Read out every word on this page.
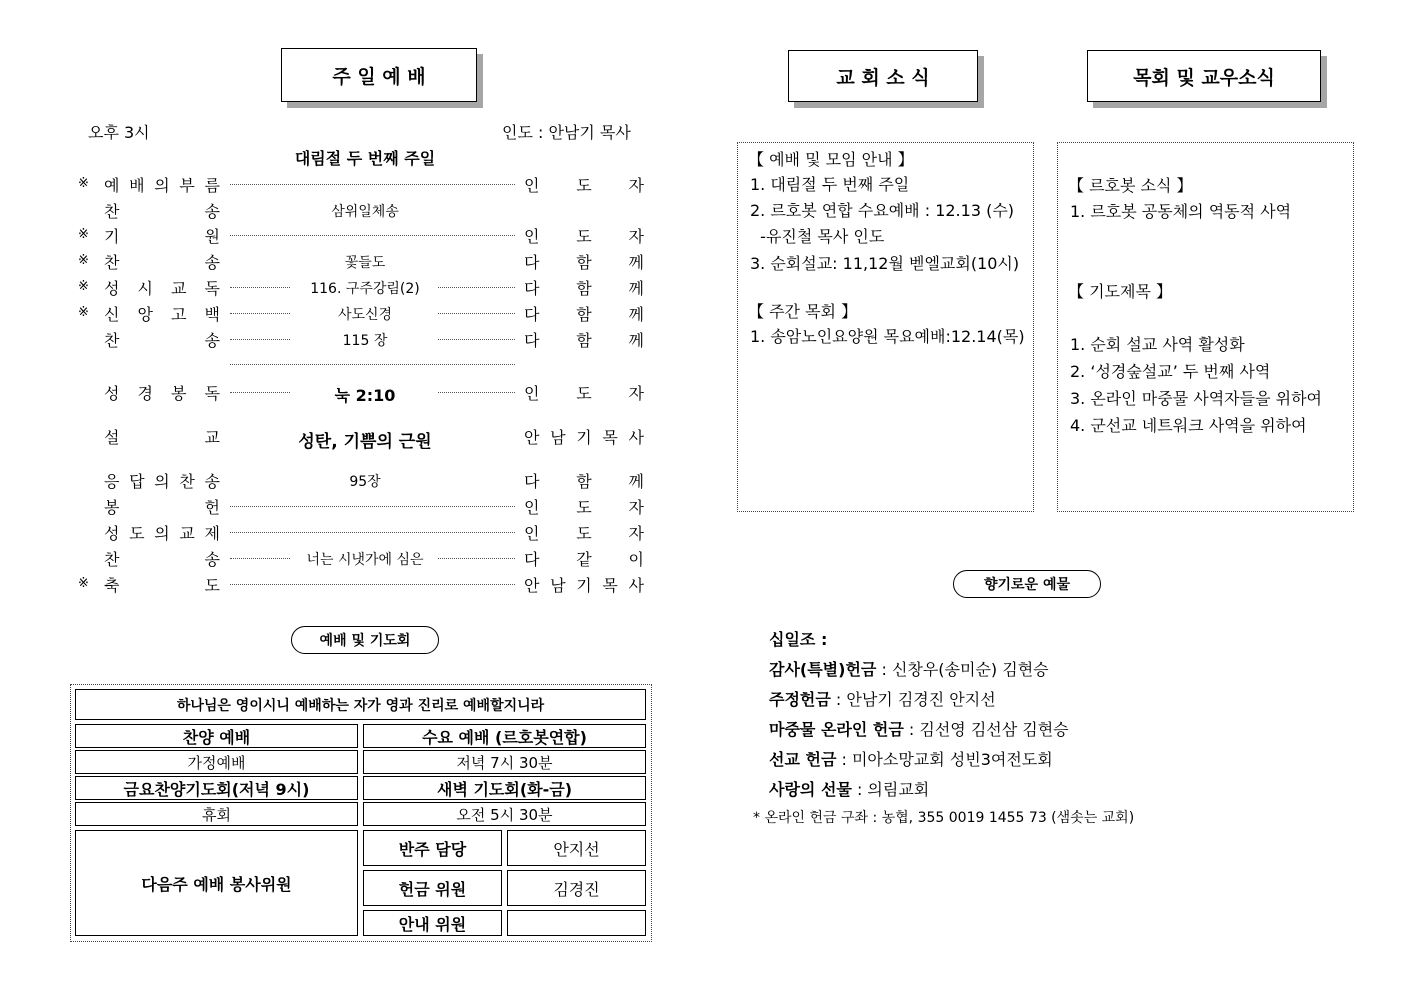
주 일 예 배
오후 3시	인도 : 안남기 목사
대림절 두 번째 주일
※ 예 배 의 부 름	인 도 자
찬	송	삼위일체송
※ 기	원	인 도 자
※ 찬	송	꽃들도	다 함 께
※ 성 시 교 독	116. 구주강림(2)	다 함 께
※ 신 앙 고 백	사도신경	다 함 께
찬	송	115 장	다 함 께
성 경 봉 독	눅 2:10	인 도 자
설	교	성탄, 기쁨의 근원	안 남 기 목 사
응 답 의 찬 송	95장	다 함 께
봉	헌	인 도 자
성 도 의 교 제	인 도 자
찬	송	너는 시냇가에 심은	다 같 이
※ 축	도	안 남 기 목 사
예배 및 기도회
하나님은 영이시니 예배하는 자가 영과 진리로 예배할지니라
찬양 예배	수요 예배 (르호봇연합)
가정예배	저녁 7시 30분
금요찬양기도회(저녁 9시)	새벽 기도회(화-금)
휴회	오전 5시 30분
다음주 예배 봉사위원
반주 담당	안지선
헌금 위원	김경진
안내 위원
교 회 소 식	목회 및 교우소식
【 예배 및 모임 안내 】
1. 대림절 두 번째 주일
2. 르호봇 연합 수요예배 : 12.13 (수)
-유진철 목사 인도
3. 순회설교: 11,12월 벧엘교회(10시)
【 주간 목회 】
1. 송암노인요양원 목요예배:12.14(목)
【 르호봇 소식 】
1. 르호봇 공동체의 역동적 사역
【 기도제목 】
1. 순회 설교 사역 활성화
2. ‘성경숲설교’ 두 번째 사역
3. 온라인 마중물 사역자들을 위하여
4. 군선교 네트워크 사역을 위하여
향기로운 예물
십일조 :
감사(특별)헌금 : 신창우(송미순) 김현승
주정헌금 : 안남기 김경진 안지선
마중물 온라인 헌금 : 김선영 김선삼 김현승
선교 헌금 : 미아소망교회 성빈3여전도회
사랑의 선물 : 의림교회
* 온라인 헌금 구좌 : 농협, 355 0019 1455 73 (샘솟는 교회)
